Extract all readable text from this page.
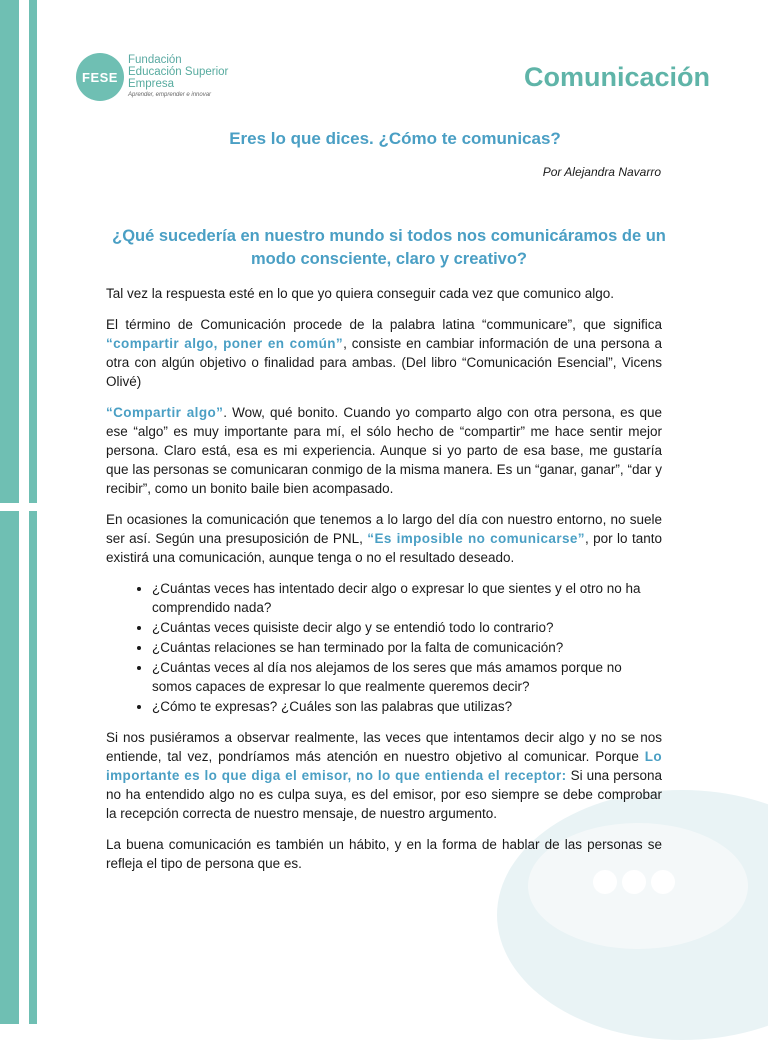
FESE
Fundación
Educación Superior
Empresa
Aprender, emprender e innovar
Comunicación
Eres lo que dices. ¿Cómo te comunicas?
Por Alejandra Navarro
¿Qué sucedería en nuestro mundo si todos nos comunicáramos de un modo consciente, claro y creativo?

Tal vez la respuesta esté en lo que yo quiera conseguir cada vez que comunico algo.

El término de Comunicación procede de la palabra latina “communicare”, que significa “compartir algo, poner en común”, consiste en cambiar información de una persona a otra con algún objetivo o finalidad para ambas. (Del libro “Comunicación Esencial”, Vicens Olivé)

“Compartir algo”. Wow, qué bonito. Cuando yo comparto algo con otra persona, es que ese “algo” es muy importante para mí, el sólo hecho de “compartir” me hace sentir mejor persona. Claro está, esa es mi experiencia. Aunque si yo parto de esa base, me gustaría que las personas se comunicaran conmigo de la misma manera. Es un “ganar, ganar”, “dar y recibir”, como un bonito baile bien acompasado.

En ocasiones la comunicación que tenemos a lo largo del día con nuestro entorno, no suele ser así. Según una presuposición de PNL, “Es imposible no comunicarse”, por lo tanto existirá una comunicación, aunque tenga o no el resultado deseado.

• ¿Cuántas veces has intentado decir algo o expresar lo que sientes y el otro no ha comprendido nada?
• ¿Cuántas veces quisiste decir algo y se entendió todo lo contrario?
• ¿Cuántas relaciones se han terminado por la falta de comunicación?
• ¿Cuántas veces al día nos alejamos de los seres que más amamos porque no somos capaces de expresar lo que realmente queremos decir?
• ¿Cómo te expresas? ¿Cuáles son las palabras que utilizas?

Si nos pusiéramos a observar realmente, las veces que intentamos decir algo y no se nos entiende, tal vez, pondríamos más atención en nuestro objetivo al comunicar. Porque Lo importante es lo que diga el emisor, no lo que entienda el receptor: Si una persona no ha entendido algo no es culpa suya, es del emisor, por eso siempre se debe comprobar la recepción correcta de nuestro mensaje, de nuestro argumento.

La buena comunicación es también un hábito, y en la forma de hablar de las personas se refleja el tipo de persona que es.
